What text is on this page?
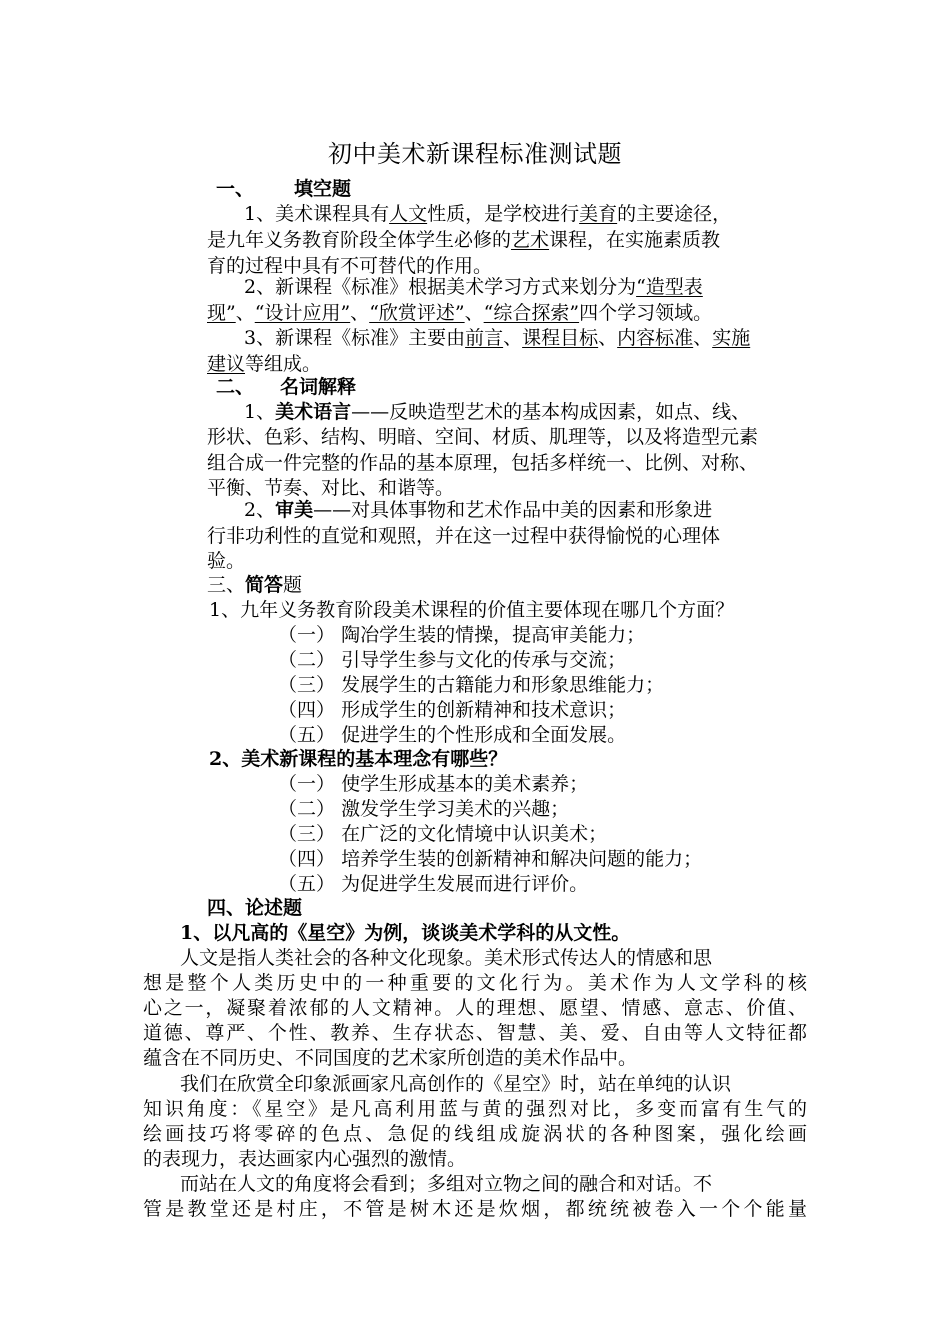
初中美术新课程标准测试题
一、 填空题
1、美术课程具有人文性质，是学校进行美育的主要途径，
是九年义务教育阶段全体学生必修的艺术课程，在实施素质教
育的过程中具有不可替代的作用。
2、新课程《标准》根据美术学习方式来划分为“造型表
现”、“设计应用”、“欣赏评述”、“综合探索”四个学习领域。
3、新课程《标准》主要由前言、课程目标、内容标准、实施
建议等组成。
二、 名词解释
1、美术语言——反映造型艺术的基本构成因素，如点、线、
形状、色彩、结构、明暗、空间、材质、肌理等，以及将造型元素
组合成一件完整的作品的基本原理，包括多样统一、比例、对称、
平衡、节奏、对比、和谐等。
2、审美——对具体事物和艺术作品中美的因素和形象进
行非功利性的直觉和观照，并在这一过程中获得愉悦的心理体
验。
三、简答题
1、九年义务教育阶段美术课程的价值主要体现在哪几个方面？
（一） 陶冶学生装的情操，提高审美能力；
（二） 引导学生参与文化的传承与交流；
（三） 发展学生的古籍能力和形象思维能力；
（四） 形成学生的创新精神和技术意识；
（五） 促进学生的个性形成和全面发展。
2、美术新课程的基本理念有哪些？
（一） 使学生形成基本的美术素养；
（二） 激发学生学习美术的兴趣；
（三） 在广泛的文化情境中认识美术；
（四） 培养学生装的创新精神和解决问题的能力；
（五） 为促进学生发展而进行评价。
四、论述题
1、以凡高的《星空》为例，谈谈美术学科的从文性。
人文是指人类社会的各种文化现象。美术形式传达人的情感和思
想是整个人类历史中的一种重要的文化行为。美术作为人文学科的核
心之一，凝聚着浓郁的人文精神。人的理想、愿望、情感、意志、价值、
道德、尊严、个性、教养、生存状态、智慧、美、爱、自由等人文特征都
蕴含在不同历史、不同国度的艺术家所创造的美术作品中。
我们在欣赏全印象派画家凡高创作的《星空》时，站在单纯的认识
知识角度：《星空》是凡高利用蓝与黄的强烈对比，多变而富有生气的
绘画技巧将零碎的色点、急促的线组成旋涡状的各种图案，强化绘画
的表现力，表达画家内心强烈的激情。
而站在人文的角度将会看到；多组对立物之间的融合和对话。不
管是教堂还是村庄，不管是树木还是炊烟，都统统被卷入一个个能量
